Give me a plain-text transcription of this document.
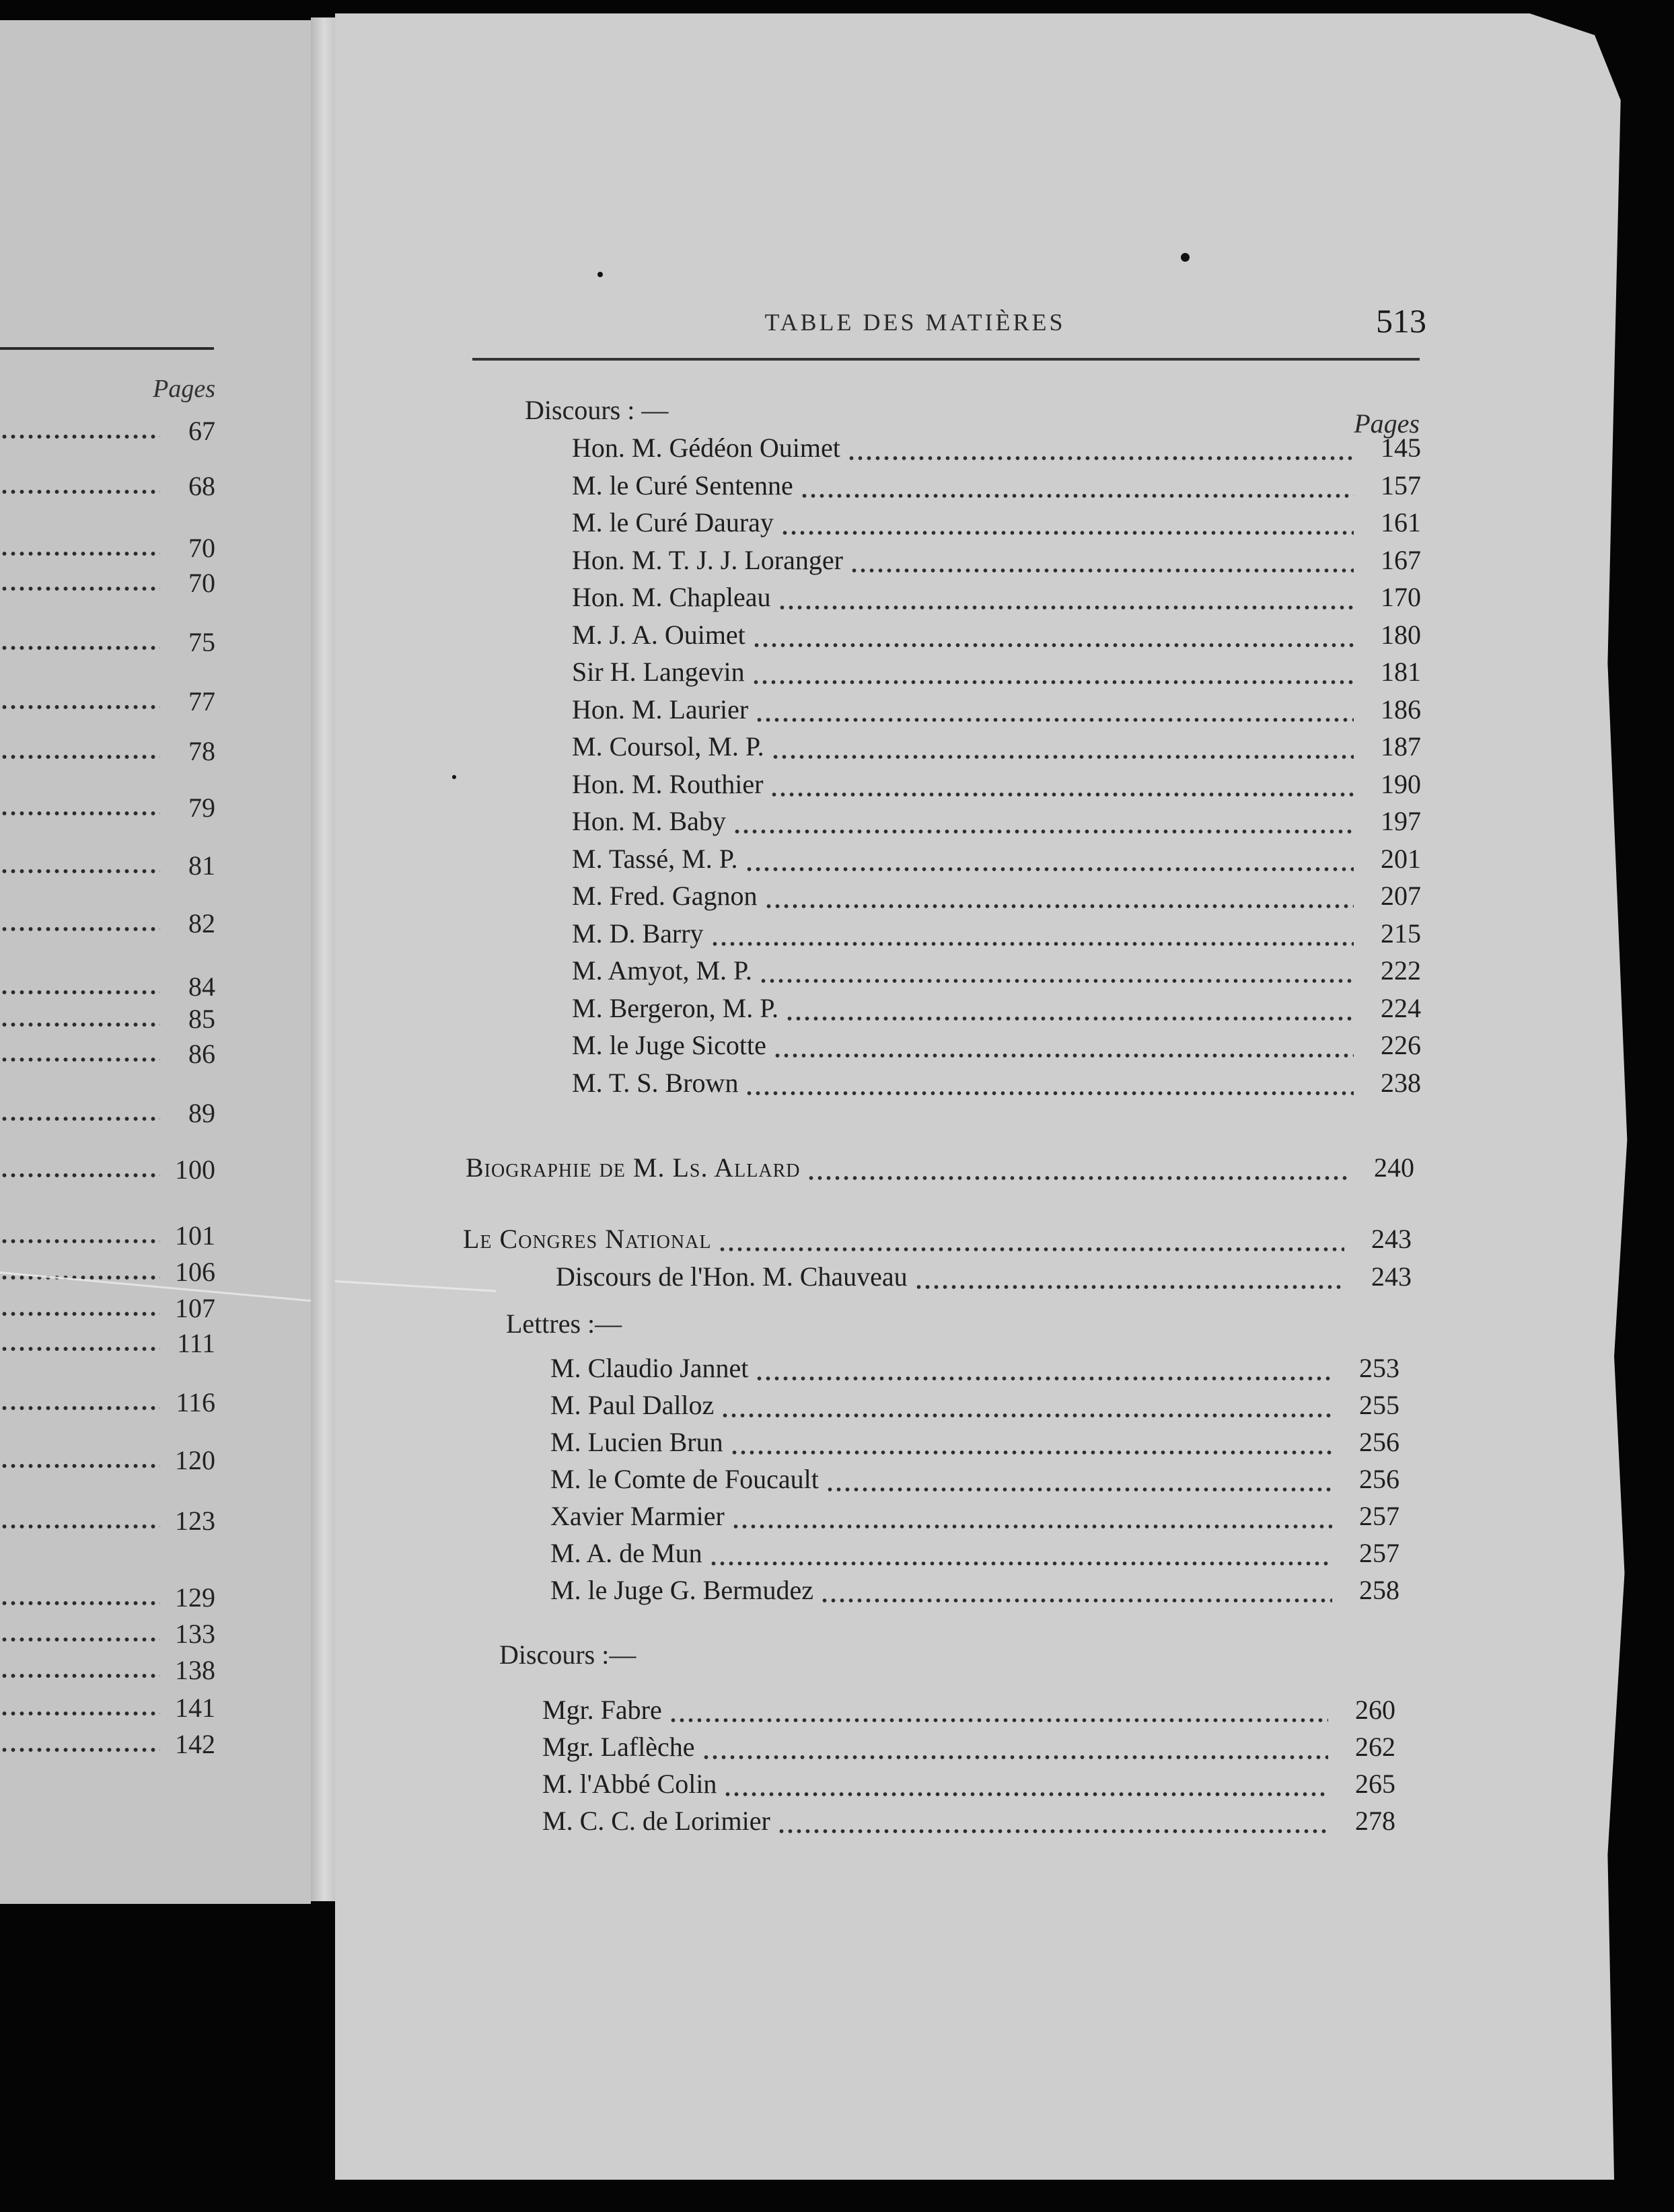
Pages
67
68
70
70
75
77
78
79
81
82
84
85
86
89
100
101
106
107
111
116
120
123
129
133
138
141
142
TABLE DES MATIÈRES	513
Discours : —	Pages
Hon. M. Gédéon Ouimet	145
M. le Curé Sentenne	157
M. le Curé Dauray	161
Hon. M. T. J. J. Loranger	167
Hon. M. Chapleau	170
M. J. A. Ouimet	180
Sir H. Langevin	181
Hon. M. Laurier	186
M. Coursol, M. P.	187
Hon. M. Routhier	190
Hon. M. Baby	197
M. Tassé, M. P.	201
M. Fred. Gagnon	207
M. D. Barry	215
M. Amyot, M. P.	222
M. Bergeron, M. P.	224
M. le Juge Sicotte	226
M. T. S. Brown	238
Biographie de M. Ls. Allard	240
Le Congres National	243
Discours de l'Hon. M. Chauveau	243
Lettres :—
M. Claudio Jannet	253
M. Paul Dalloz	255
M. Lucien Brun	256
M. le Comte de Foucault	256
Xavier Marmier	257
M. A. de Mun	257
M. le Juge G. Bermudez	258
Discours :—
Mgr. Fabre	260
Mgr. Laflèche	262
M. l'Abbé Colin	265
M. C. C. de Lorimier	278
